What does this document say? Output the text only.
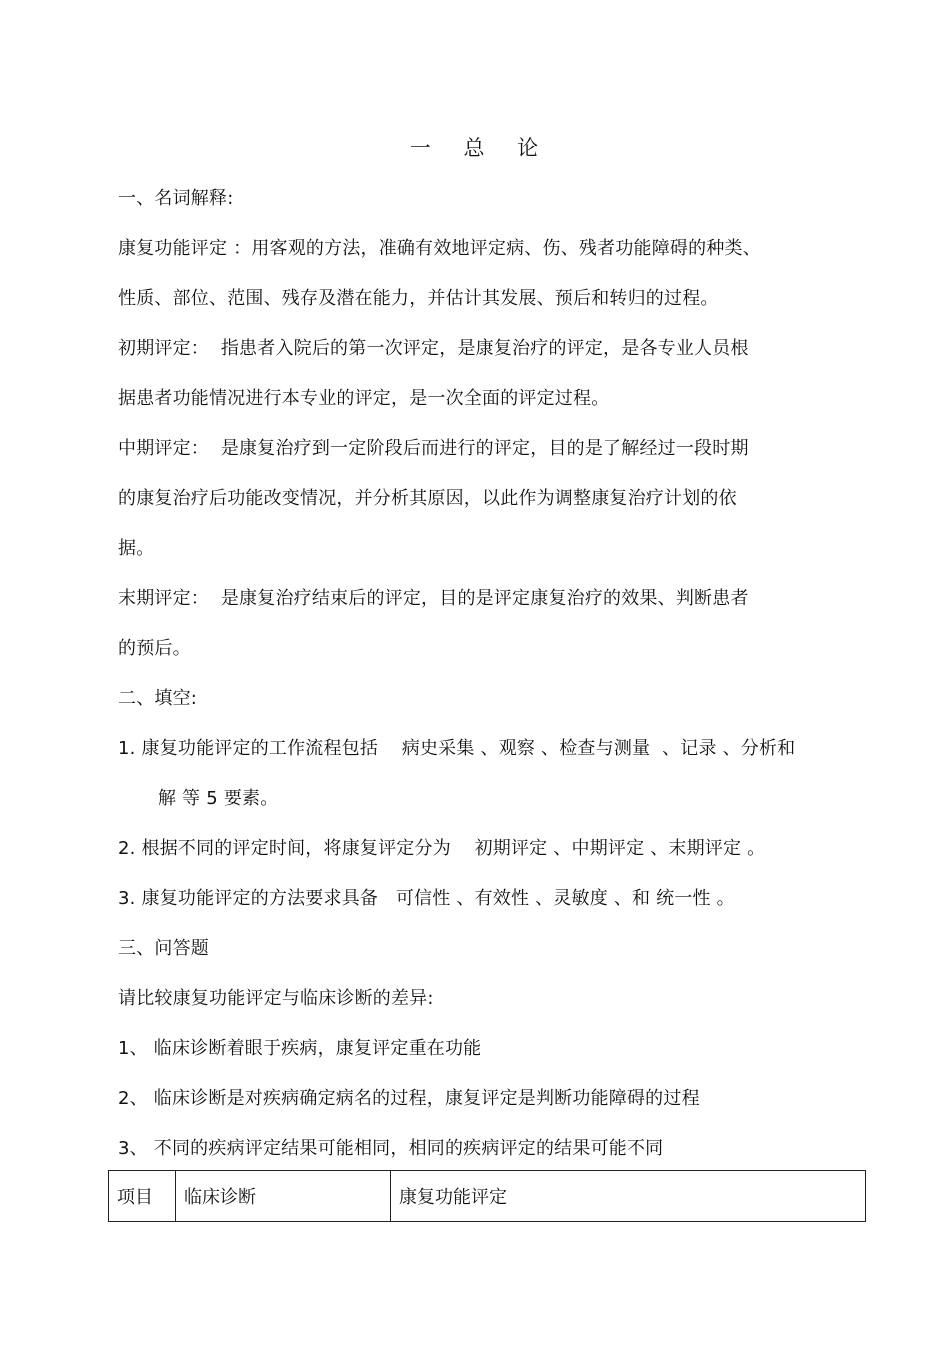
一 总 论
一、名词解释:
康复功能评定 ：用客观的方法，准确有效地评定病、伤、残者功能障碍的种类、
性质、部位、范围、残存及潜在能力，并估计其发展、预后和转归的过程。
初期评定：  指患者入院后的第一次评定，是康复治疗的评定，是各专业人员根
据患者功能情况进行本专业的评定，是一次全面的评定过程。
中期评定：  是康复治疗到一定阶段后而进行的评定，目的是了解经过一段时期
的康复治疗后功能改变情况，并分析其原因，以此作为调整康复治疗计划的依
据。
末期评定：  是康复治疗结束后的评定，目的是评定康复治疗的效果、判断患者
的预后。
二、填空:
1. 康复功能评定的工作流程包括    病史采集 、观察 、检查与测量  、记录 、分析和
解 等 5 要素。
2. 根据不同的评定时间，将康复评定分为    初期评定 、中期评定 、末期评定 。
3. 康复功能评定的方法要求具备   可信性 、有效性 、灵敏度 、和 统一性 。
三、问答题
请比较康复功能评定与临床诊断的差异:
1、 临床诊断着眼于疾病，康复评定重在功能
2、 临床诊断是对疾病确定病名的过程，康复评定是判断功能障碍的过程
3、 不同的疾病评定结果可能相同，相同的疾病评定的结果可能不同
项目	临床诊断	康复功能评定
